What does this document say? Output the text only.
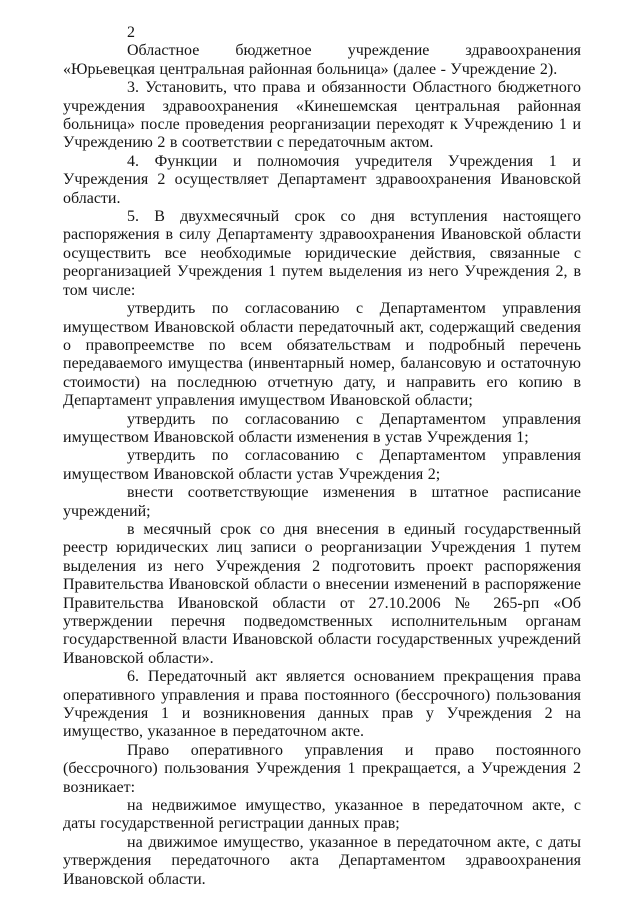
2

Областное бюджетное учреждение здравоохранения «Юрьевецкая центральная районная больница» (далее - Учреждение 2).

3. Установить, что права и обязанности Областного бюджетного учреждения здравоохранения «Кинешемская центральная районная больница» после проведения реорганизации переходят к Учреждению 1 и Учреждению 2 в соответствии с передаточным актом.

4. Функции и полномочия учредителя Учреждения 1 и Учреждения 2 осуществляет Департамент здравоохранения Ивановской области.

5. В двухмесячный срок со дня вступления настоящего распоряжения в силу Департаменту здравоохранения Ивановской области осуществить все необходимые юридические действия, связанные с реорганизацией Учреждения 1 путем выделения из него Учреждения 2, в том числе:

утвердить по согласованию с Департаментом управления имуществом Ивановской области передаточный акт, содержащий сведения о правопреемстве по всем обязательствам и подробный перечень передаваемого имущества (инвентарный номер, балансовую и остаточную стоимости) на последнюю отчетную дату, и направить его копию в Департамент управления имуществом Ивановской области;

утвердить по согласованию с Департаментом управления имуществом Ивановской области изменения в устав Учреждения 1;

утвердить по согласованию с Департаментом управления имуществом Ивановской области устав Учреждения 2;

внести соответствующие изменения в штатное расписание учреждений;

в месячный срок со дня внесения в единый государственный реестр юридических лиц записи о реорганизации Учреждения 1 путем выделения из него Учреждения 2 подготовить проект распоряжения Правительства Ивановской области о внесении изменений в распоряжение Правительства Ивановской области от 27.10.2006 № 265-рп «Об утверждении перечня подведомственных исполнительным органам государственной власти Ивановской области государственных учреждений Ивановской области».

6. Передаточный акт является основанием прекращения права оперативного управления и права постоянного (бессрочного) пользования Учреждения 1 и возникновения данных прав у Учреждения 2 на имущество, указанное в передаточном акте.

Право оперативного управления и право постоянного (бессрочного) пользования Учреждения 1 прекращается, а Учреждения 2 возникает:

на недвижимое имущество, указанное в передаточном акте, с даты государственной регистрации данных прав;

на движимое имущество, указанное в передаточном акте, с даты утверждения передаточного акта Департаментом здравоохранения Ивановской области.
